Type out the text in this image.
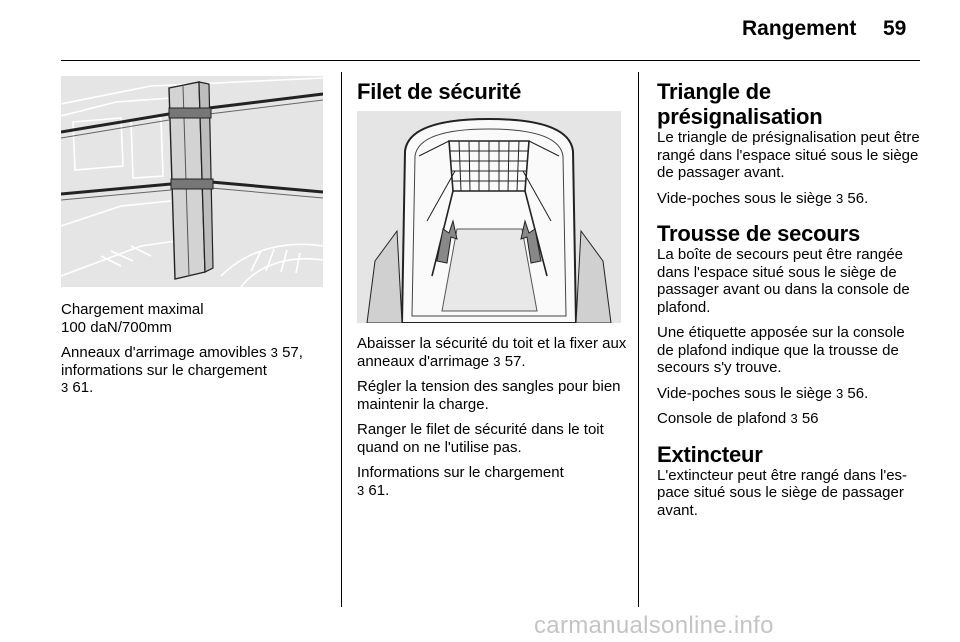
Rangement 59

Chargement maximal

100 daN/700mm

Anneaux d'arrimage amovibles 3 57,
informations sur le chargement
3 61.

Filet de sécurité

Abaisser la sécurité du toit et la fixer aux anneaux d'arrimage 3 57.

Régler la tension des sangles pour bien maintenir la charge.

Ranger le filet de sécurité dans le toit quand on ne l'utilise pas.

Informations sur le chargement
3 61.

Triangle de
présignalisation

Le triangle de présignalisation peut être rangé dans l'espace situé sous le siège de passager avant.

Vide-poches sous le siège 3 56.

Trousse de secours

La boîte de secours peut être rangée dans l'espace situé sous le siège de passager avant ou dans la console de plafond.

Une étiquette apposée sur la console de plafond indique que la trousse de secours s'y trouve.

Vide-poches sous le siège 3 56.

Console de plafond 3 56

Extincteur

L'extincteur peut être rangé dans l'es-
pace situé sous le siège de passager avant.

carmanualsonline.info
